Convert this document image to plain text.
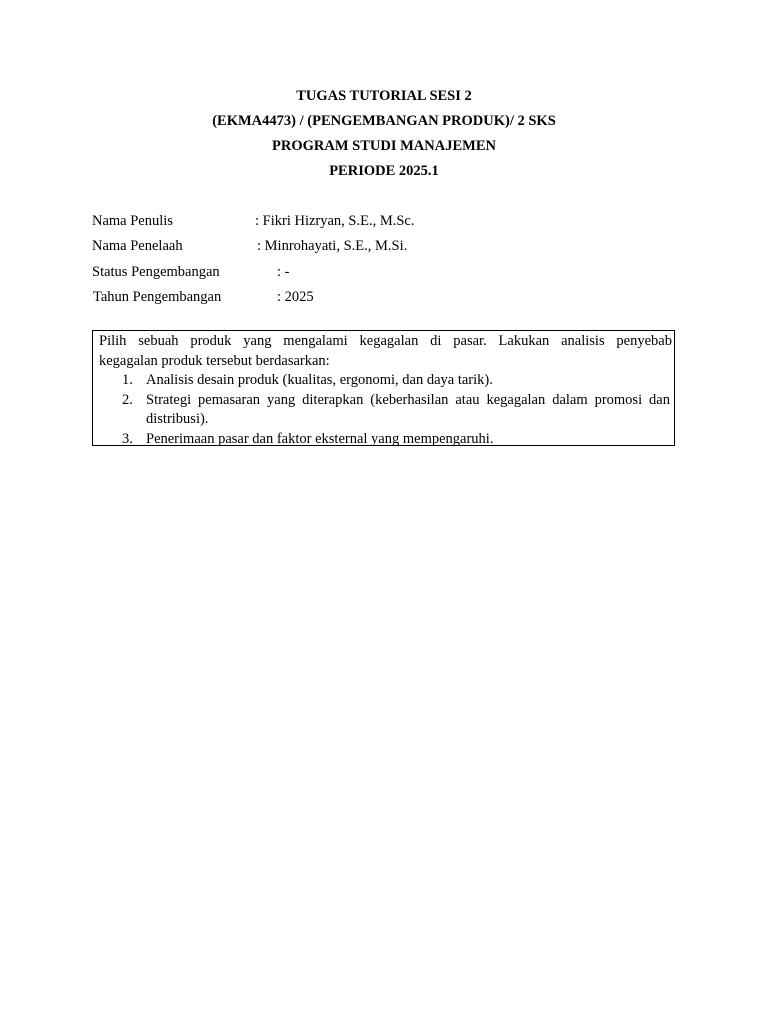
TUGAS TUTORIAL SESI 2
(EKMA4473) / (PENGEMBANGAN PRODUK)/ 2 SKS
PROGRAM STUDI MANAJEMEN
PERIODE 2025.1
Nama Penulis	: Fikri Hizryan, S.E., M.Sc.
Nama Penelaah	: Minrohayati, S.E., M.Si.
Status Pengembangan	: -
Tahun Pengembangan	: 2025
Pilih sebuah produk yang mengalami kegagalan di pasar. Lakukan analisis penyebab
kegagalan produk tersebut berdasarkan:
1. Analisis desain produk (kualitas, ergonomi, dan daya tarik).
2. Strategi pemasaran yang diterapkan (keberhasilan atau kegagalan dalam promosi dan
distribusi).
3. Penerimaan pasar dan faktor eksternal yang mempengaruhi.
